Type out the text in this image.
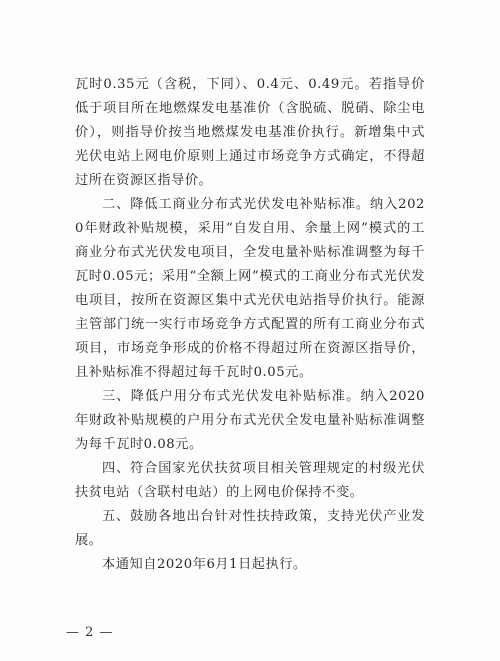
瓦时0.35元（含税，下同）、0.4元、0.49元。若指导价低于项目所在地燃煤发电基准价（含脱硫、脱硝、除尘电价），则指导价按当地燃煤发电基准价执行。新增集中式光伏电站上网电价原则上通过市场竞争方式确定，不得超过所在资源区指导价。

二、降低工商业分布式光伏发电补贴标准。纳入2020年财政补贴规模，采用“自发自用、余量上网”模式的工商业分布式光伏发电项目，全发电量补贴标准调整为每千瓦时0.05元；采用“全额上网”模式的工商业分布式光伏发电项目，按所在资源区集中式光伏电站指导价执行。能源主管部门统一实行市场竞争方式配置的所有工商业分布式项目，市场竞争形成的价格不得超过所在资源区指导价，且补贴标准不得超过每千瓦时0.05元。

三、降低户用分布式光伏发电补贴标准。纳入2020年财政补贴规模的户用分布式光伏全发电量补贴标准调整为每千瓦时0.08元。

四、符合国家光伏扶贫项目相关管理规定的村级光伏扶贫电站（含联村电站）的上网电价保持不变。

五、鼓励各地出台针对性扶持政策，支持光伏产业发展。

本通知自2020年6月1日起执行。

— 2 —
